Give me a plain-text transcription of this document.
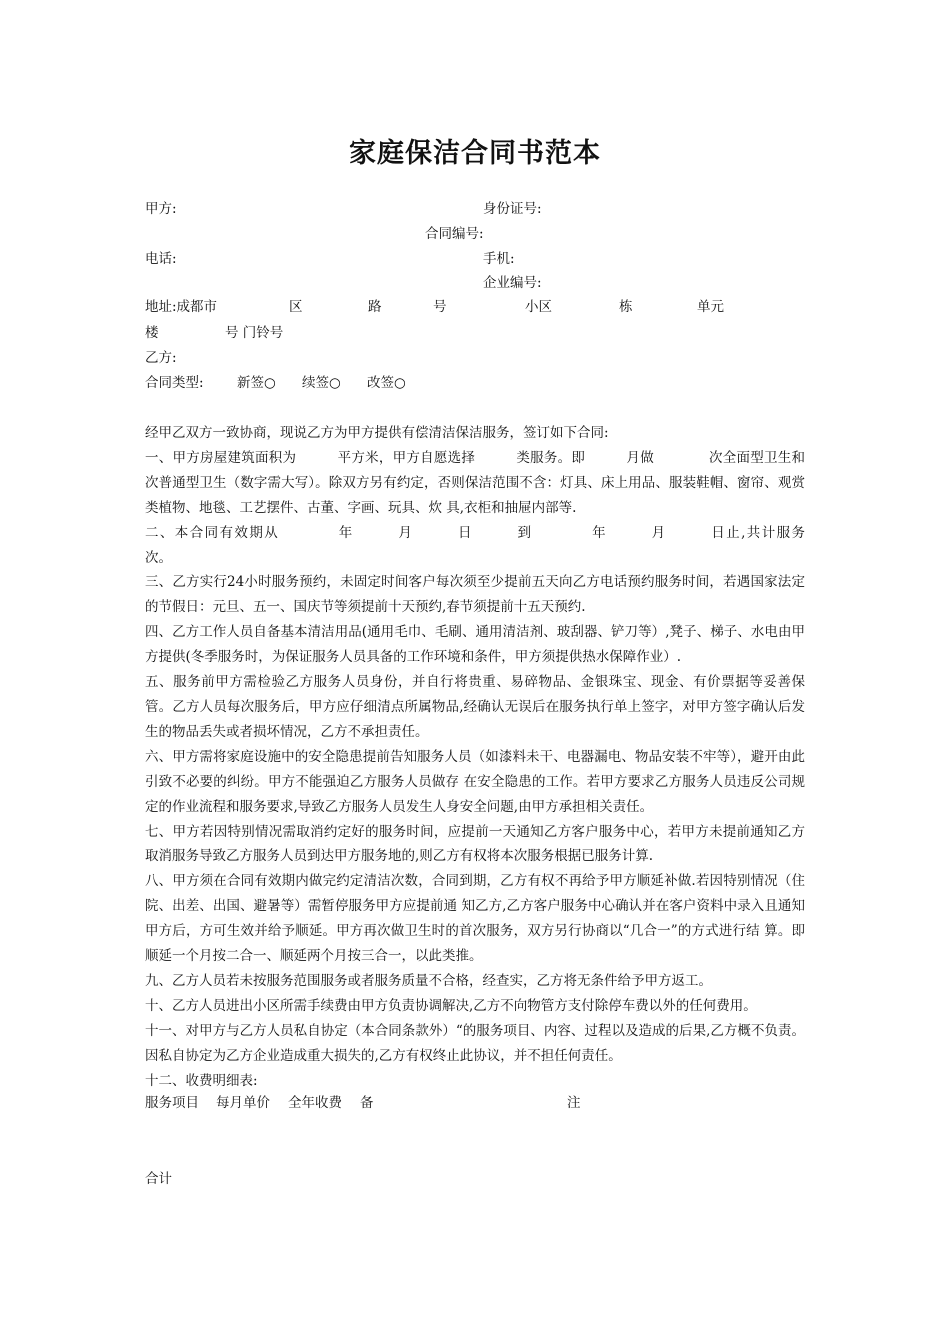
家庭保洁合同书范本
甲方:	身份证号:
合同编号:
电话:	手机:
企业编号:
地址:成都市	区	路	号	小区	栋	单元
楼	号 门铃号
乙方:
合同类型: 新签○ 续签○ 改签○

经甲乙双方一致协商，现说乙方为甲方提供有偿清洁保洁服务，签订如下合同:

一、甲方房屋建筑面积为　　　平方米，甲方自愿选择　　　类服务。即　　　月做　　　　次全面型卫生和　　　次普通型卫生（数字需大写）。除双方另有约定，否则保洁范围不含：灯具、床上用品、服装鞋帽、窗帘、观赏类植物、地毯、工艺摆件、古董、字画、玩具、炊 具,衣柜和抽屉内部等.

二、本合同有效期从　　　　年　　　月　　　日　　　到　　　　年　　　月　　　日止,共计服务　　　次。

三、乙方实行24小时服务预约，未固定时间客户每次须至少提前五天向乙方电话预约服务时间，若遇国家法定的节假日：元旦、五一、国庆节等须提前十天预约,春节须提前十五天预约.

四、乙方工作人员自备基本清洁用品(通用毛巾、毛刷、通用清洁剂、玻刮器、铲刀等）,凳子、梯子、水电由甲方提供(冬季服务时，为保证服务人员具备的工作环境和条件，甲方须提供热水保障作业）.

五、服务前甲方需检验乙方服务人员身份，并自行将贵重、易碎物品、金银珠宝、现金、有价票据等妥善保管。乙方人员每次服务后，甲方应仔细清点所属物品,经确认无误后在服务执行单上签字，对甲方签字确认后发生的物品丢失或者损坏情况，乙方不承担责任。

六、甲方需将家庭设施中的安全隐患提前告知服务人员（如漆料未干、电器漏电、物品安装不牢等），避开由此引致不必要的纠纷。甲方不能强迫乙方服务人员做存 在安全隐患的工作。若甲方要求乙方服务人员违反公司规定的作业流程和服务要求,导致乙方服务人员发生人身安全问题,由甲方承担相关责任。

七、甲方若因特别情况需取消约定好的服务时间，应提前一天通知乙方客户服务中心，若甲方未提前通知乙方取消服务导致乙方服务人员到达甲方服务地的,则乙方有权将本次服务根据已服务计算.

八、甲方须在合同有效期内做完约定清洁次数，合同到期，乙方有权不再给予甲方顺延补做.若因特别情况（住院、出差、出国、避暑等）需暂停服务甲方应提前通 知乙方,乙方客户服务中心确认并在客户资料中录入且通知甲方后，方可生效并给予顺延。甲方再次做卫生时的首次服务，双方另行协商以“几合一”的方式进行结 算。即顺延一个月按二合一、顺延两个月按三合一，以此类推。

九、乙方人员若未按服务范围服务或者服务质量不合格，经查实，乙方将无条件给予甲方返工。

十、乙方人员进出小区所需手续费由甲方负责协调解决,乙方不向物管方支付除停车费以外的任何费用。

十一、对甲方与乙方人员私自协定（本合同条款外）“的服务项目、内容、过程以及造成的后果,乙方概不负责。因私自协定为乙方企业造成重大损失的,乙方有权终止此协议，并不担任何责任。

十二、收费明细表:

服务项目 每月单价 全年收费 备	注
合计
